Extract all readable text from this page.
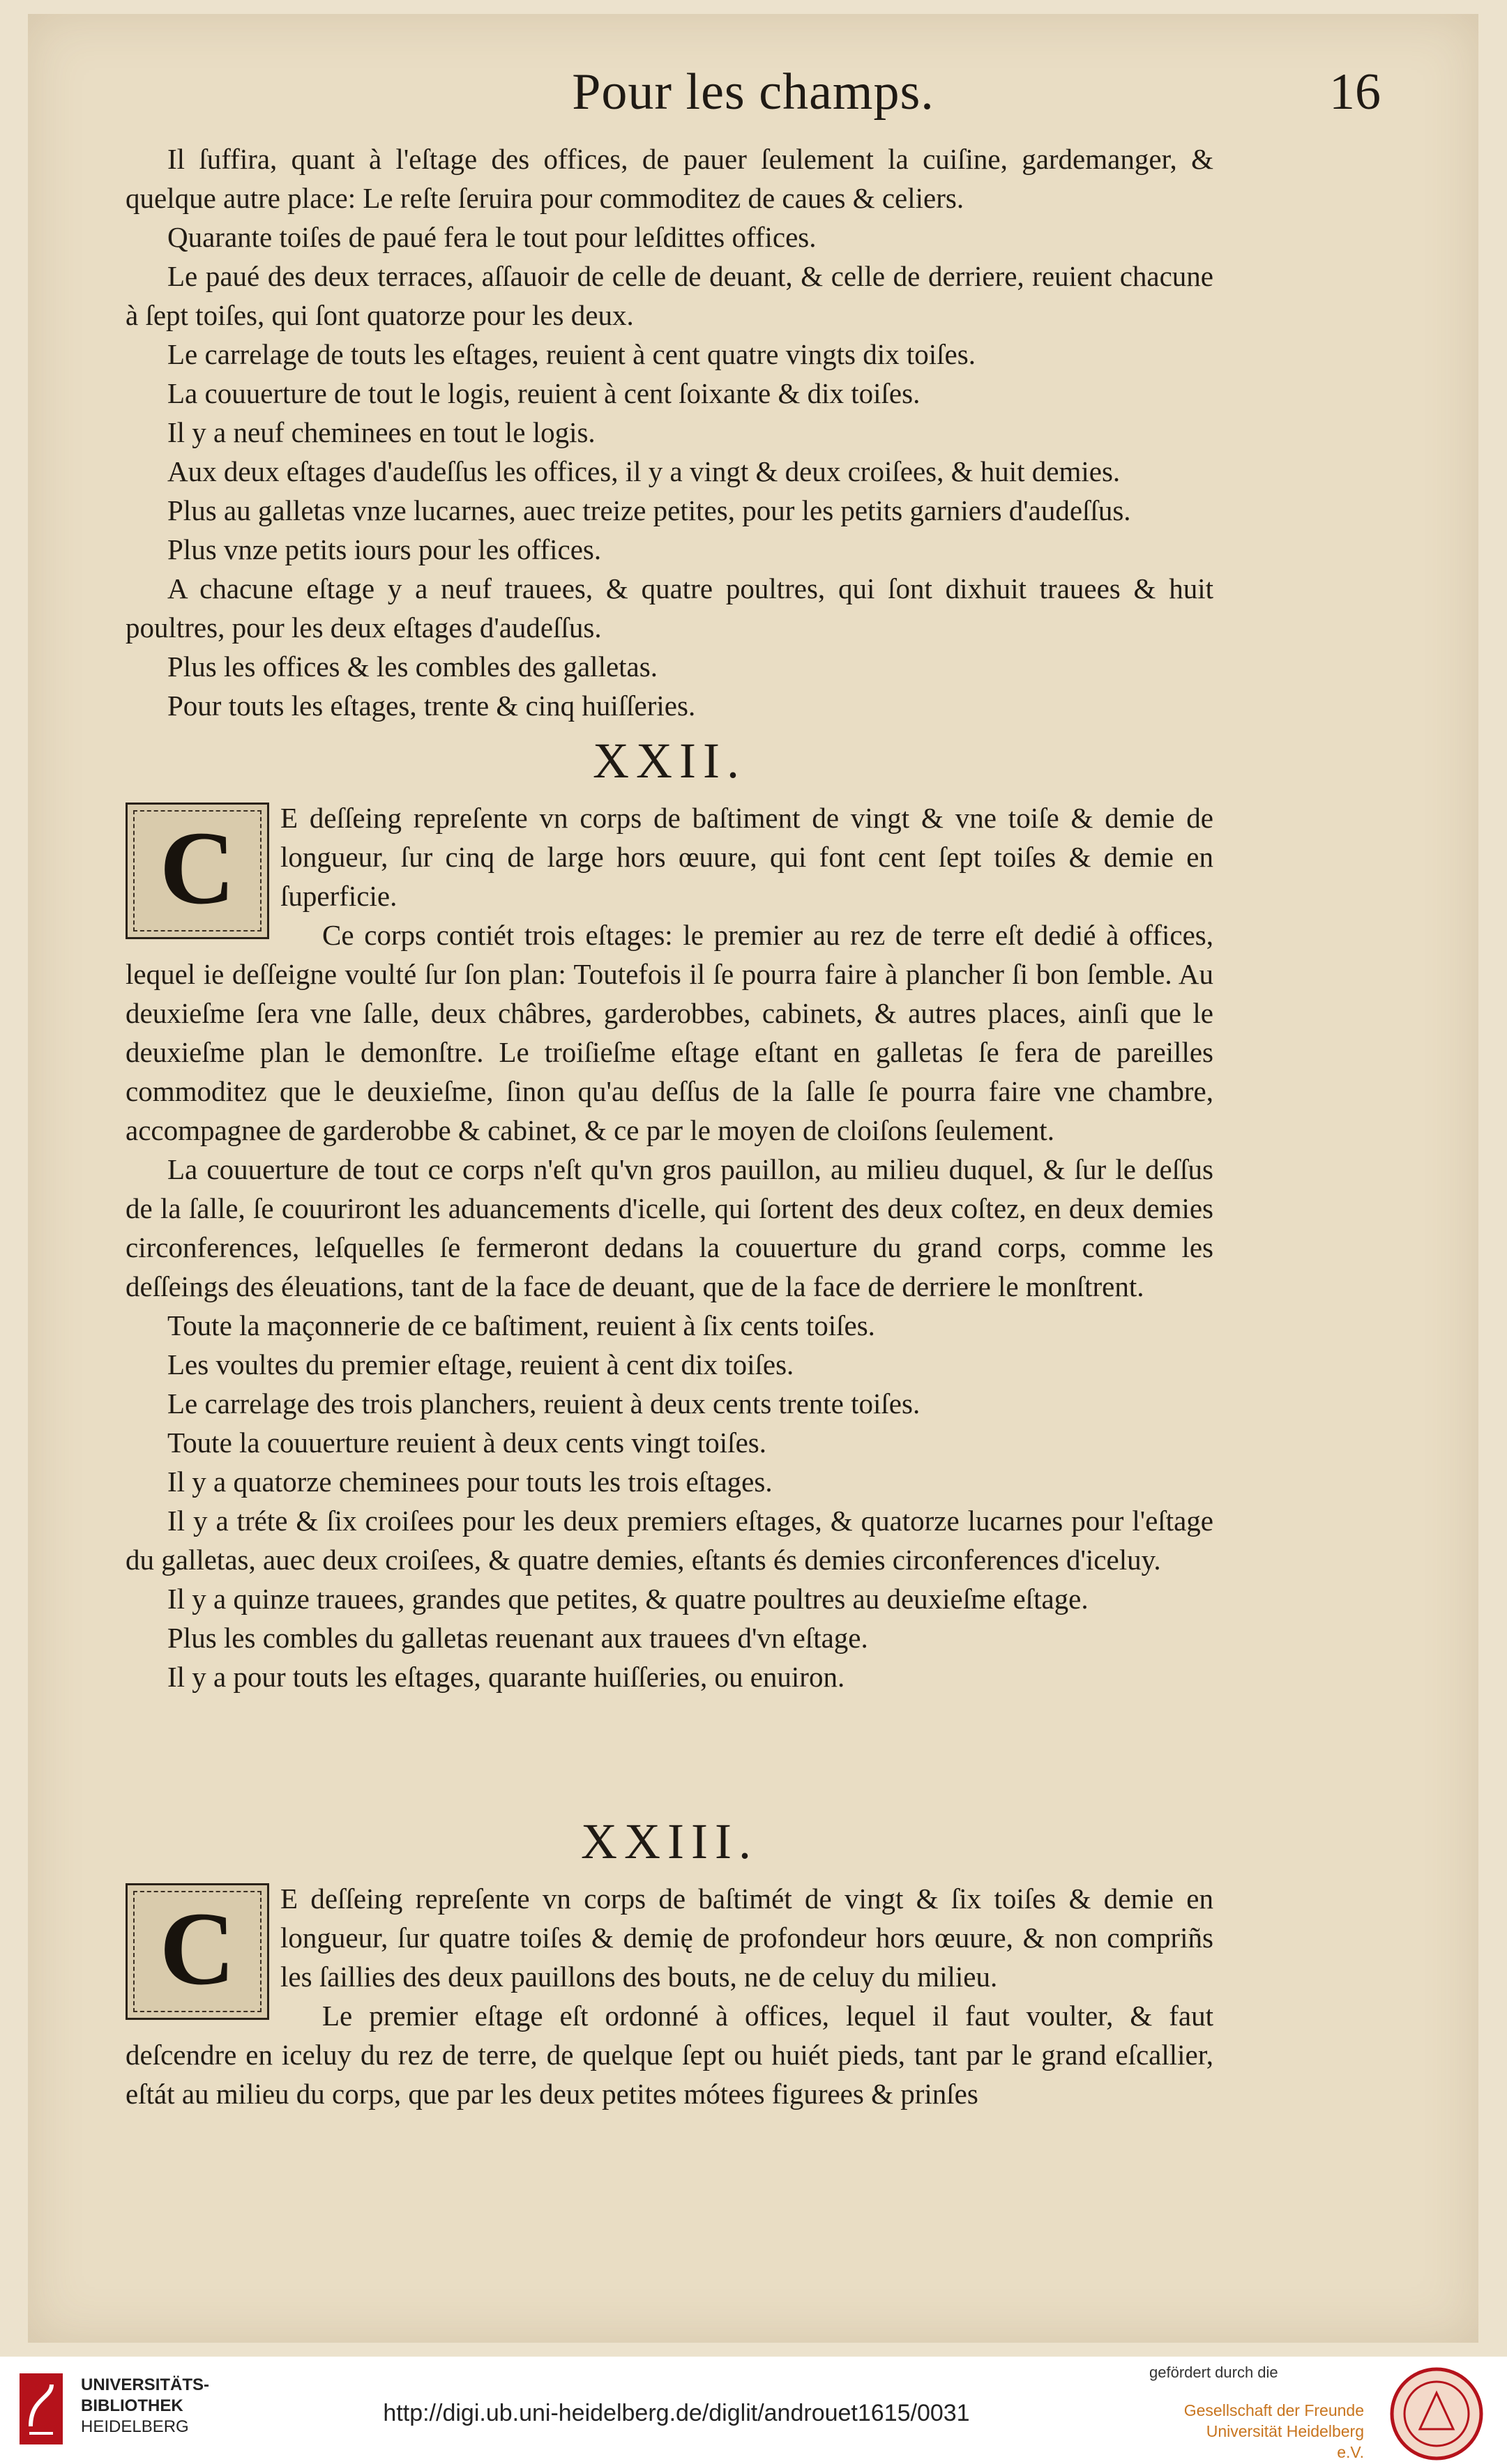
Pour les champs.	16

Il ſuffira, quant à l'eſtage des offices, de pauer ſeulement la cuiſine, gardemanger, & quelque autre place: Le reſte ſeruira pour commoditez de caues & celiers.

Quarante toiſes de paué fera le tout pour leſdittes offices.

Le paué des deux terraces, aſſauoir de celle de deuant, & celle de derriere, reuient chacune à ſept toiſes, qui ſont quatorze pour les deux.

Le carrelage de touts les eſtages, reuient à cent quatre vingts dix toiſes.

La couuerture de tout le logis, reuient à cent ſoixante & dix toiſes.

Il y a neuf cheminees en tout le logis.

Aux deux eſtages d'audeſſus les offices, il y a vingt & deux croiſees, & huit demies.

Plus au galletas vnze lucarnes, auec treize petites, pour les petits garniers d'audeſſus.

Plus vnze petits iours pour les offices.

A chacune eſtage y a neuf trauees, & quatre poultres, qui ſont dixhuit trauees & huit poultres, pour les deux eſtages d'audeſſus.

Plus les offices & les combles des galletas.

Pour touts les eſtages, trente & cinq huiſſeries.

XXII.
C	E deſſeing repreſente vn corps de baſtiment de vingt & vne toiſe & demie de longueur, ſur cinq de large hors œuure, qui font cent ſept toiſes & demie en ſuperficie.

Ce corps contiét trois eſtages: le premier au rez de terre eſt dedié à offices, lequel ie deſſeigne voulté ſur ſon plan: Toutefois il ſe pourra faire à plancher ſi bon ſemble. Au deuxieſme ſera vne ſalle, deux châbres, garderobbes, cabinets, & autres places, ainſi que le deuxieſme plan le demonſtre. Le troiſieſme eſtage eſtant en galletas ſe fera de pareilles commoditez que le deuxieſme, ſinon qu'au deſſus de la ſalle ſe pourra faire vne chambre, accompagnee de garderobbe & cabinet, & ce par le moyen de cloiſons ſeulement.

La couuerture de tout ce corps n'eſt qu'vn gros pauillon, au milieu duquel, & ſur le deſſus de la ſalle, ſe couuriront les aduancements d'icelle, qui ſortent des deux coſtez, en deux demies circonferences, leſquelles ſe fermeront dedans la couuerture du grand corps, comme les deſſeings des éleuations, tant de la face de deuant, que de la face de derriere le monſtrent.

Toute la maçonnerie de ce baſtiment, reuient à ſix cents toiſes.

Les voultes du premier eſtage, reuient à cent dix toiſes.

Le carrelage des trois planchers, reuient à deux cents trente toiſes.

Toute la couuerture reuient à deux cents vingt toiſes.

Il y a quatorze cheminees pour touts les trois eſtages.

Il y a tréte & ſix croiſees pour les deux premiers eſtages, & quatorze lucarnes pour l'eſtage du galletas, auec deux croiſees, & quatre demies, eſtants és demies circonferences d'iceluy.

Il y a quinze trauees, grandes que petites, & quatre poultres au deuxieſme eſtage.

Plus les combles du galletas reuenant aux trauees d'vn eſtage.

Il y a pour touts les eſtages, quarante huiſſeries, ou enuiron.

XXIII.
C	E deſſeing repreſente vn corps de baſtimét de vingt & ſix toiſes & demie en longueur, ſur quatre toiſes & demię de profondeur hors œuure, & non compriñs les ſaillies des deux pauillons des bouts, ne de celuy du milieu.

Le premier eſtage eſt ordonné à offices, lequel il faut voulter, & faut deſcendre en iceluy du rez de terre, de quelque ſept ou huiét pieds, tant par le grand eſcallier, eſtát au milieu du corps, que par les deux petites mótees figurees & prinſes

UNIVERSITÄTS-
BIBLIOTHEK
HEIDELBERG
http://digi.ub.uni-heidelberg.de/diglit/androuet1615/0031
gefördert durch die
Gesellschaft der Freunde
Universität Heidelberg e.V.
